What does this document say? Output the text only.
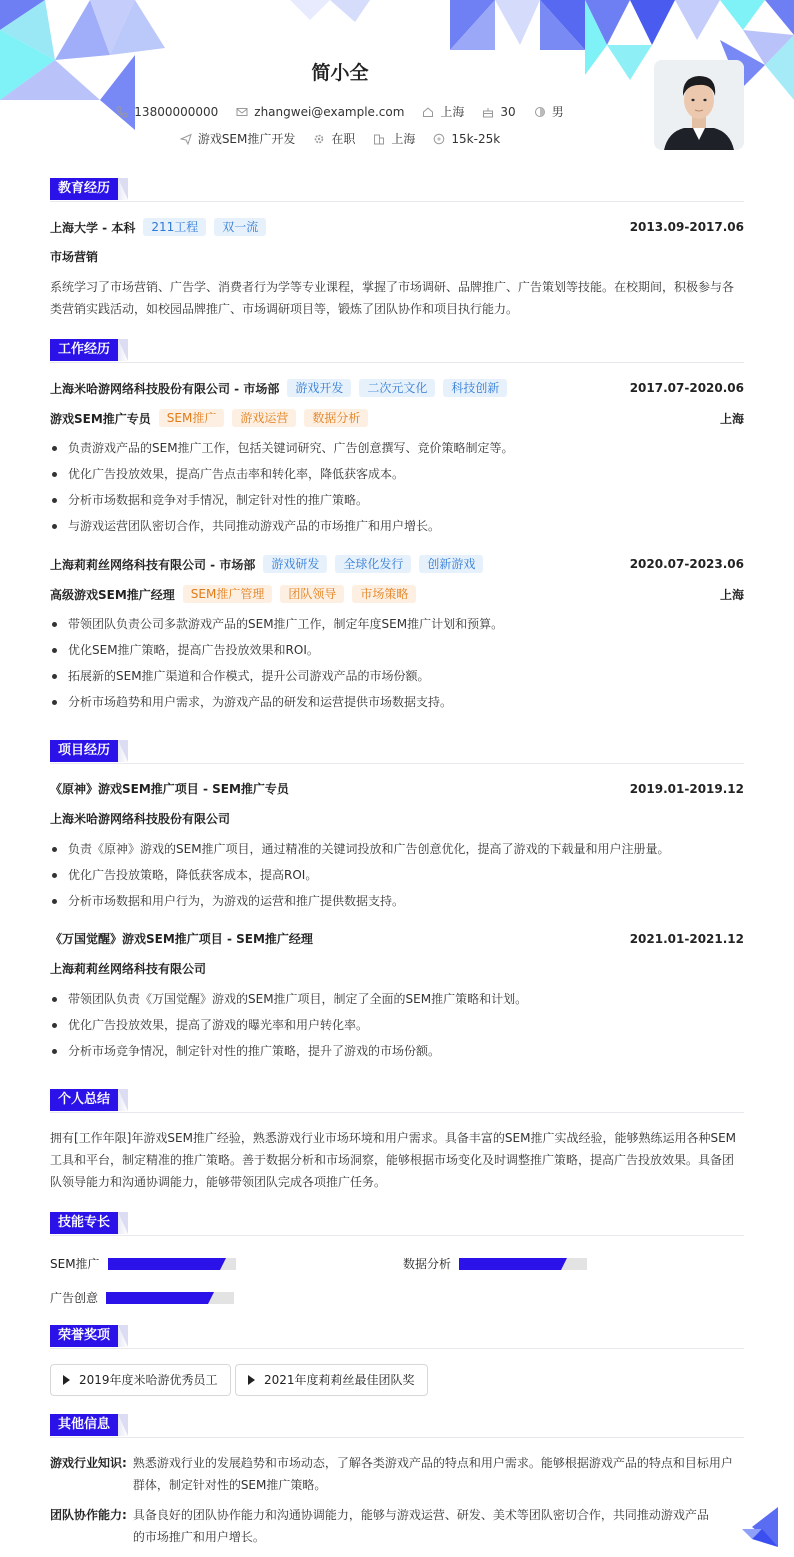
简小全
13800000000	zhangwei@example.com	上海	30	男
游戏SEM推广开发	在职	上海	15k-25k
教育经历
上海大学 - 本科	211工程	双一流	2013.09-2017.06
市场营销
系统学习了市场营销、广告学、消费者行为学等专业课程，掌握了市场调研、品牌推广、广告策划等技能。在校期间，积极参与各类营销实践活动，如校园品牌推广、市场调研项目等，锻炼了团队协作和项目执行能力。
工作经历
上海米哈游网络科技股份有限公司 - 市场部	游戏开发	二次元文化	科技创新	2017.07-2020.06
游戏SEM推广专员	SEM推广	游戏运营	数据分析	上海
负责游戏产品的SEM推广工作，包括关键词研究、广告创意撰写、竞价策略制定等。
优化广告投放效果，提高广告点击率和转化率，降低获客成本。
分析市场数据和竞争对手情况，制定针对性的推广策略。
与游戏运营团队密切合作，共同推动游戏产品的市场推广和用户增长。
上海莉莉丝网络科技有限公司 - 市场部	游戏研发	全球化发行	创新游戏	2020.07-2023.06
高级游戏SEM推广经理	SEM推广管理	团队领导	市场策略	上海
带领团队负责公司多款游戏产品的SEM推广工作，制定年度SEM推广计划和预算。
优化SEM推广策略，提高广告投放效果和ROI。
拓展新的SEM推广渠道和合作模式，提升公司游戏产品的市场份额。
分析市场趋势和用户需求，为游戏产品的研发和运营提供市场数据支持。
项目经历
《原神》游戏SEM推广项目 - SEM推广专员	2019.01-2019.12
上海米哈游网络科技股份有限公司
负责《原神》游戏的SEM推广项目，通过精准的关键词投放和广告创意优化，提高了游戏的下载量和用户注册量。
优化广告投放策略，降低获客成本，提高ROI。
分析市场数据和用户行为，为游戏的运营和推广提供数据支持。
《万国觉醒》游戏SEM推广项目 - SEM推广经理	2021.01-2021.12
上海莉莉丝网络科技有限公司
带领团队负责《万国觉醒》游戏的SEM推广项目，制定了全面的SEM推广策略和计划。
优化广告投放效果，提高了游戏的曝光率和用户转化率。
分析市场竞争情况，制定针对性的推广策略，提升了游戏的市场份额。
个人总结
拥有[工作年限]年游戏SEM推广经验，熟悉游戏行业市场环境和用户需求。具备丰富的SEM推广实战经验，能够熟练运用各种SEM工具和平台，制定精准的推广策略。善于数据分析和市场洞察，能够根据市场变化及时调整推广策略，提高广告投放效果。具备团队领导能力和沟通协调能力，能够带领团队完成各项推广任务。
技能专长
SEM推广	数据分析
广告创意
荣誉奖项
2019年度米哈游优秀员工	2021年度莉莉丝最佳团队奖
其他信息
游戏行业知识: 熟悉游戏行业的发展趋势和市场动态，了解各类游戏产品的特点和用户需求。能够根据游戏产品的特点和目标用户群体，制定针对性的SEM推广策略。
团队协作能力: 具备良好的团队协作能力和沟通协调能力，能够与游戏运营、研发、美术等团队密切合作，共同推动游戏产品的市场推广和用户增长。
